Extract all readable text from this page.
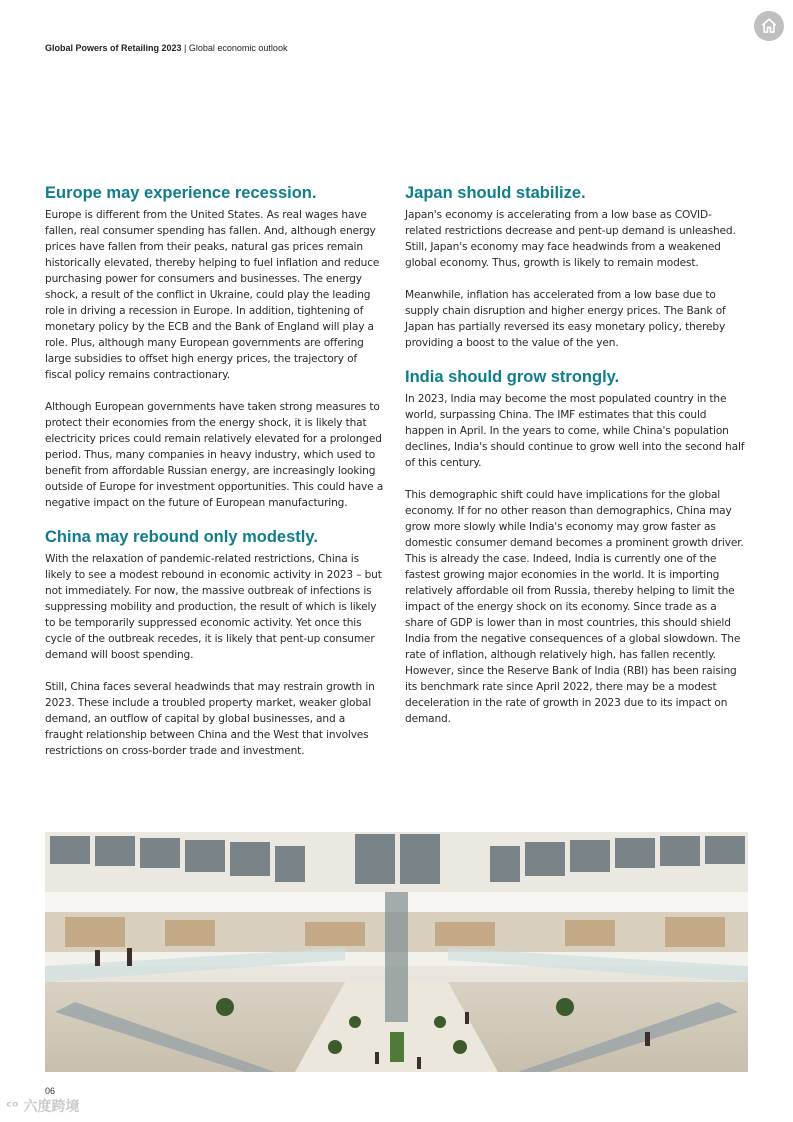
Global Powers of Retailing 2023 | Global economic outlook
Europe may experience recession.

Europe is different from the United States. As real wages have fallen, real consumer spending has fallen. And, although energy prices have fallen from their peaks, natural gas prices remain historically elevated, thereby helping to fuel inflation and reduce purchasing power for consumers and businesses. The energy shock, a result of the conflict in Ukraine, could play the leading role in driving a recession in Europe. In addition, tightening of monetary policy by the ECB and the Bank of England will play a role. Plus, although many European governments are offering large subsidies to offset high energy prices, the trajectory of fiscal policy remains contractionary.

Although European governments have taken strong measures to protect their economies from the energy shock, it is likely that electricity prices could remain relatively elevated for a prolonged period. Thus, many companies in heavy industry, which used to benefit from affordable Russian energy, are increasingly looking outside of Europe for investment opportunities. This could have a negative impact on the future of European manufacturing.

China may rebound only modestly.

With the relaxation of pandemic-related restrictions, China is likely to see a modest rebound in economic activity in 2023 – but not immediately. For now, the massive outbreak of infections is suppressing mobility and production, the result of which is likely to be temporarily suppressed economic activity. Yet once this cycle of the outbreak recedes, it is likely that pent-up consumer demand will boost spending.

Still, China faces several headwinds that may restrain growth in 2023. These include a troubled property market, weaker global demand, an outflow of capital by global businesses, and a fraught relationship between China and the West that involves restrictions on cross-border trade and investment.

Japan should stabilize.

Japan's economy is accelerating from a low base as COVID-related restrictions decrease and pent-up demand is unleashed. Still, Japan's economy may face headwinds from a weakened global economy. Thus, growth is likely to remain modest.

Meanwhile, inflation has accelerated from a low base due to supply chain disruption and higher energy prices. The Bank of Japan has partially reversed its easy monetary policy, thereby providing a boost to the value of the yen.

India should grow strongly.

In 2023, India may become the most populated country in the world, surpassing China. The IMF estimates that this could happen in April. In the years to come, while China's population declines, India's should continue to grow well into the second half of this century.

This demographic shift could have implications for the global economy. If for no other reason than demographics, China may grow more slowly while India's economy may grow faster as domestic consumer demand becomes a prominent growth driver. This is already the case. Indeed, India is currently one of the fastest growing major economies in the world. It is importing relatively affordable oil from Russia, thereby helping to limit the impact of the energy shock on its economy. Since trade as a share of GDP is lower than in most countries, this should shield India from the negative consequences of a global slowdown. The rate of inflation, although relatively high, has fallen recently. However, since the Reserve Bank of India (RBI) has been raising its benchmark rate since April 2022, there may be a modest deceleration in the rate of growth in 2023 due to its impact on demand.

06
ᶜᵒ 六度跨境
